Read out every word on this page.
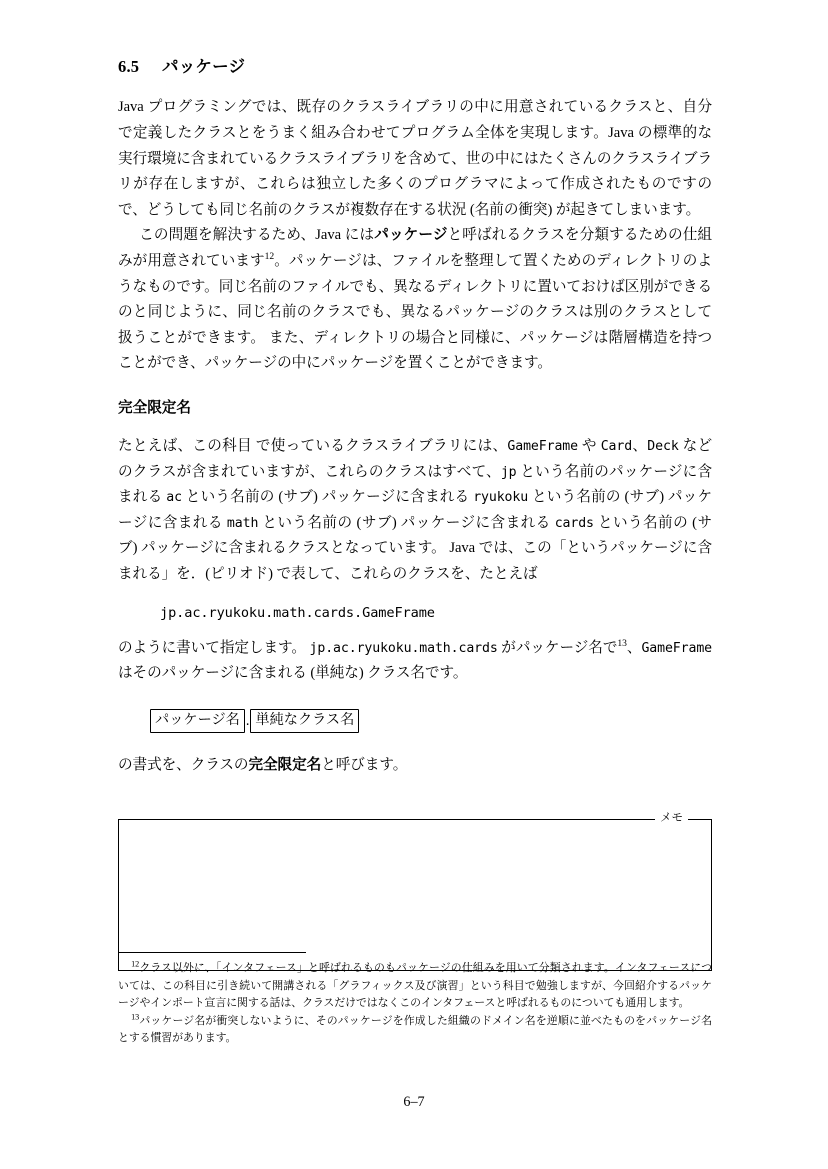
6.5 パッケージ

Java プログラミングでは、既存のクラスライブラリの中に用意されているクラスと、自分で定義したクラスとをうまく組み合わせてプログラム全体を実現します。Java の標準的な実行環境に含まれているクラスライブラリを含めて、世の中にはたくさんのクラスライブラリが存在しますが、これらは独立した多くのプログラマによって作成されたものですので、どうしても同じ名前のクラスが複数存在する状況 (名前の衝突) が起きてしまいます。

この問題を解決するため、Java にはパッケージと呼ばれるクラスを分類するための仕組みが用意されています$^{12}$。パッケージは、ファイルを整理して置くためのディレクトリのようなものです。同じ名前のファイルでも、異なるディレクトリに置いておけば区別ができるのと同じように、同じ名前のクラスでも、異なるパッケージのクラスは別のクラスとして扱うことができます。 また、ディレクトリの場合と同様に、パッケージは階層構造を持つことができ、パッケージの中にパッケージを置くことができます。

完全限定名

たとえば、この科目 で使っているクラスライブラリには、GameFrame や Card、Deck などのクラスが含まれていますが、これらのクラスはすべて、jp という名前のパッケージに含まれる ac という名前の (サブ) パッケージに含まれる ryukoku という名前の (サブ) パッケージに含まれる math という名前の (サブ) パッケージに含まれる cards という名前の (サブ) パッケージに含まれるクラスとなっています。 Java では、この「というパッケージに含まれる」を．(ピリオド) で表して、これらのクラスを、たとえば

jp.ac.ryukoku.math.cards.GameFrame

のように書いて指定します。 jp.ac.ryukoku.math.cards がパッケージ名で$^{13}$、GameFrame はそのパッケージに含まれる (単純な) クラス名です。

パッケージ名 . 単純なクラス名

の書式を、クラスの完全限定名と呼びます。

メモ

$^{12}$クラス以外に、「インタフェース」と呼ばれるものもパッケージの仕組みを用いて分類されます。インタフェースについては、この科目に引き続いて開講される「グラフィックス及び演習」という科目で勉強しますが、今回紹介するパッケージやインポート宣言に関する話は、クラスだけではなくこのインタフェースと呼ばれるものについても通用します。

$^{13}$パッケージ名が衝突しないように、そのパッケージを作成した組織のドメイン名を逆順に並べたものをパッケージ名とする慣習があります。

6–7
